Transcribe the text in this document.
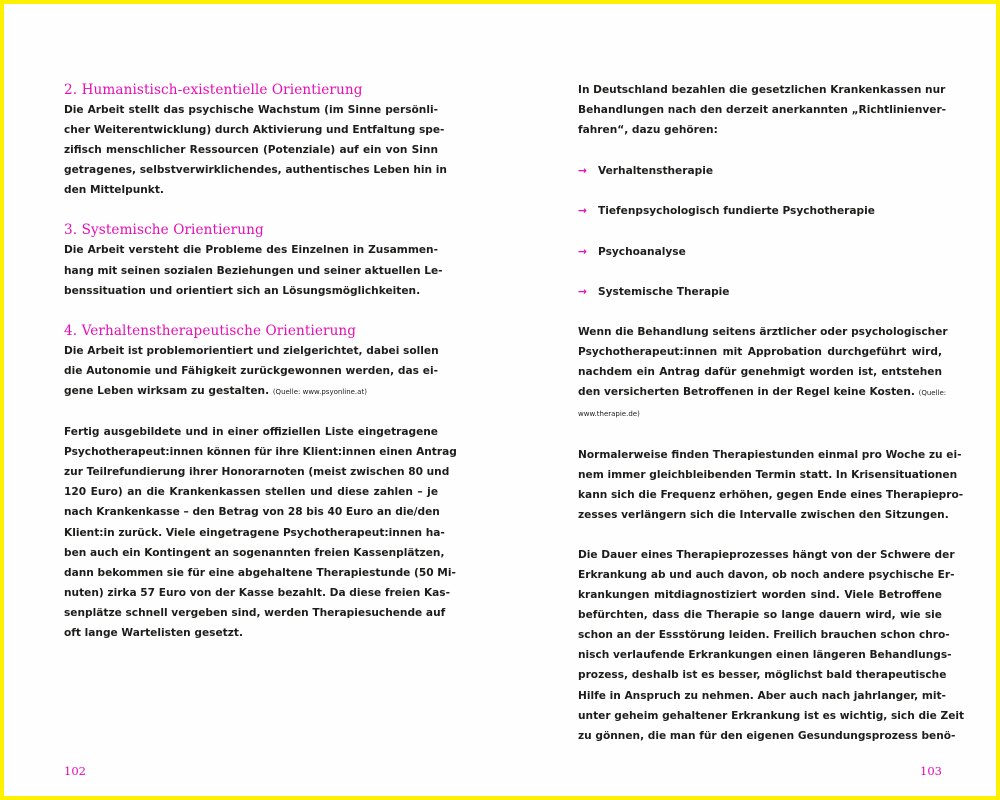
2. Humanistisch-existentielle Orientierung
Die Arbeit stellt das psychische Wachstum (im Sinne persönli-
cher Weiterentwicklung) durch Aktivierung und Entfaltung spe-
zifisch menschlicher Ressourcen (Potenziale) auf ein von Sinn
getragenes, selbstverwirklichendes, authentisches Leben hin in
den Mittelpunkt.
3. Systemische Orientierung
Die Arbeit versteht die Probleme des Einzelnen in Zusammen-
hang mit seinen sozialen Beziehungen und seiner aktuellen Le-
benssituation und orientiert sich an Lösungsmöglichkeiten.
4. Verhaltenstherapeutische Orientierung
Die Arbeit ist problemorientiert und zielgerichtet, dabei sollen
die Autonomie und Fähigkeit zurückgewonnen werden, das ei-
gene Leben wirksam zu gestalten. (Quelle: www.psyonline.at)
Fertig ausgebildete und in einer offiziellen Liste eingetragene
Psychotherapeut:innen können für ihre Klient:innen einen Antrag
zur Teilrefundierung ihrer Honorarnoten (meist zwischen 80 und
120 Euro) an die Krankenkassen stellen und diese zahlen – je
nach Krankenkasse – den Betrag von 28 bis 40 Euro an die/den
Klient:in zurück. Viele eingetragene Psychotherapeut:innen ha-
ben auch ein Kontingent an sogenannten freien Kassenplätzen,
dann bekommen sie für eine abgehaltene Therapiestunde (50 Mi-
nuten) zirka 57 Euro von der Kasse bezahlt. Da diese freien Kas-
senplätze schnell vergeben sind, werden Therapiesuchende auf
oft lange Wartelisten gesetzt.
102
In Deutschland bezahlen die gesetzlichen Krankenkassen nur
Behandlungen nach den derzeit anerkannten „Richtlinienver-
fahren“, dazu gehören:
→ Verhaltenstherapie
→ Tiefenpsychologisch fundierte Psychotherapie
→ Psychoanalyse
→ Systemische Therapie
Wenn die Behandlung seitens ärztlicher oder psychologischer
Psychotherapeut:innen mit Approbation durchgeführt wird,
nachdem ein Antrag dafür genehmigt worden ist, entstehen
den versicherten Betroffenen in der Regel keine Kosten. (Quelle:
www.therapie.de)
Normalerweise finden Therapiestunden einmal pro Woche zu ei-
nem immer gleichbleibenden Termin statt. In Krisensituationen
kann sich die Frequenz erhöhen, gegen Ende eines Therapiepro-
zesses verlängern sich die Intervalle zwischen den Sitzungen.
Die Dauer eines Therapieprozesses hängt von der Schwere der
Erkrankung ab und auch davon, ob noch andere psychische Er-
krankungen mitdiagnostiziert worden sind. Viele Betroffene
befürchten, dass die Therapie so lange dauern wird, wie sie
schon an der Essstörung leiden. Freilich brauchen schon chro-
nisch verlaufende Erkrankungen einen längeren Behandlungs-
prozess, deshalb ist es besser, möglichst bald therapeutische
Hilfe in Anspruch zu nehmen. Aber auch nach jahrlanger, mit-
unter geheim gehaltener Erkrankung ist es wichtig, sich die Zeit
zu gönnen, die man für den eigenen Gesundungsprozess benö-
103
